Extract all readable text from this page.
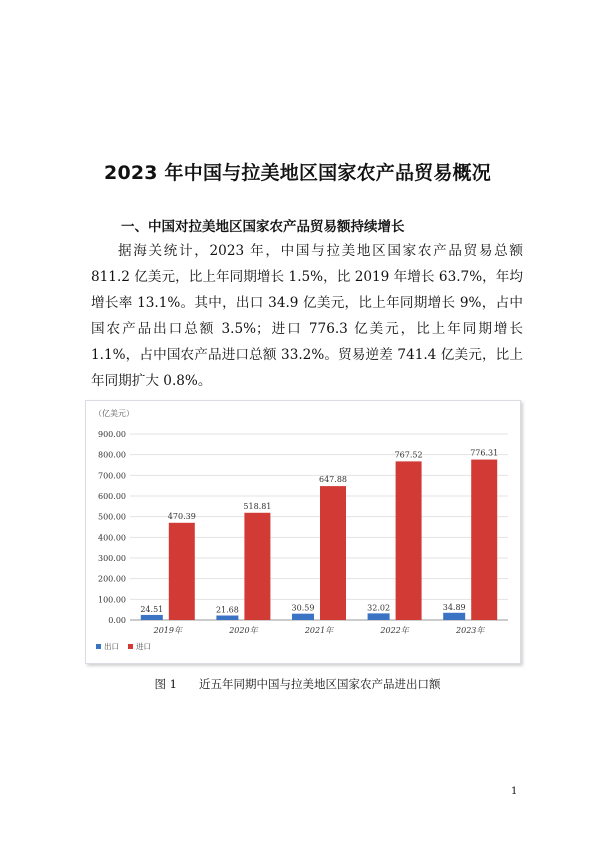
2023 年中国与拉美地区国家农产品贸易概况
一、中国对拉美地区国家农产品贸易额持续增长

据海关统计，2023 年，中国与拉美地区国家农产品贸易总额 811.2 亿美元，比上年同期增长 1.5%，比 2019 年增长 63.7%，年均增长率 13.1%。其中，出口 34.9 亿美元，比上年同期增长 9%，占中国农产品出口总额 3.5%；进口 776.3 亿美元，比上年同期增长 1.1%，占中国农产品进口总额 33.2%。贸易逆差 741.4 亿美元，比上年同期扩大 0.8%。

（亿美元）
0.00
100.00
200.00
300.00
400.00
500.00
600.00
700.00
800.00
900.00
24.51
470.39
2019年
21.68
518.81
2020年
30.59
647.88
2021年
32.02
767.52
2022年
34.89
776.31
2023年
出口 进口

图 1 近五年同期中国与拉美地区国家农产品进出口额

1
